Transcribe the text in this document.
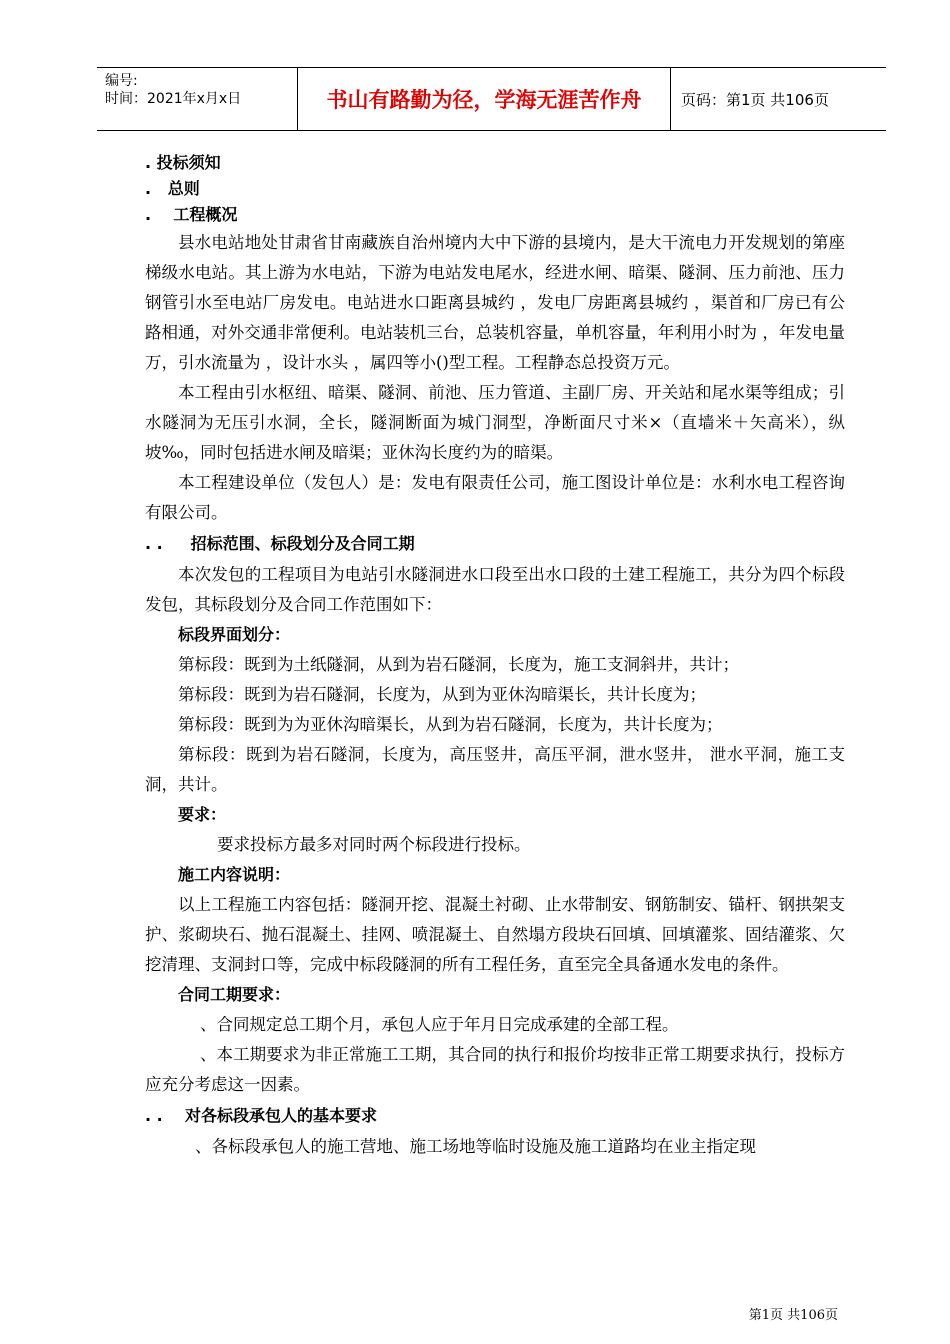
编号:
时间：2021年x月x日	书山有路勤为径，学海无涯苦作舟	页码：第1页 共106页
. 投标须知
.   总则
.    工程概况

县水电站地处甘肃省甘南藏族自治州境内大中下游的县境内，是大干流电力开发规划的第座梯级水电站。其上游为水电站，下游为电站发电尾水，经进水闸、暗渠、隧洞、压力前池、压力钢管引水至电站厂房发电。电站进水口距离县城约 ，发电厂房距离县城约 ，渠首和厂房已有公路相通，对外交通非常便利。电站装机三台，总装机容量，单机容量，年利用小时为 ，年发电量万，引水流量为 ，设计水头 ，属四等小()型工程。工程静态总投资万元。

本工程由引水枢纽、暗渠、隧洞、前池、压力管道、主副厂房、开关站和尾水渠等组成；引水隧洞为无压引水洞，全长，隧洞断面为城门洞型，净断面尺寸米×（直墙米＋矢高米），纵坡‰，同时包括进水闸及暗渠；亚休沟长度约为的暗渠。

本工程建设单位（发包人）是：发电有限责任公司，施工图设计单位是：水利水电工程咨询有限公司。

. .     招标范围、标段划分及合同工期

本次发包的工程项目为电站引水隧洞进水口段至出水口段的土建工程施工，共分为四个标段发包，其标段划分及合同工作范围如下：

标段界面划分：

第标段：既到为土纸隧洞，从到为岩石隧洞，长度为，施工支洞斜井，共计；

第标段：既到为岩石隧洞，长度为，从到为亚休沟暗渠长，共计长度为；

第标段：既到为为亚休沟暗渠长，从到为岩石隧洞，长度为，共计长度为；

第标段：既到为岩石隧洞，长度为，高压竖井，高压平洞，泄水竖井， 泄水平洞，施工支洞，共计。

要求：

要求投标方最多对同时两个标段进行投标。

施工内容说明：

以上工程施工内容包括：隧洞开挖、混凝土衬砌、止水带制安、钢筋制安、锚杆、钢拱架支护、浆砌块石、抛石混凝土、挂网、喷混凝土、自然塌方段块石回填、回填灌浆、固结灌浆、欠挖清理、支洞封口等，完成中标段隧洞的所有工程任务，直至完全具备通水发电的条件。

合同工期要求：

、合同规定总工期个月，承包人应于年月日完成承建的全部工程。

、本工期要求为非正常施工工期，其合同的执行和报价均按非正常工期要求执行，投标方应充分考虑这一因素。

. .    对各标段承包人的基本要求

、各标段承包人的施工营地、施工场地等临时设施及施工道路均在业主指定现

第1页 共106页
